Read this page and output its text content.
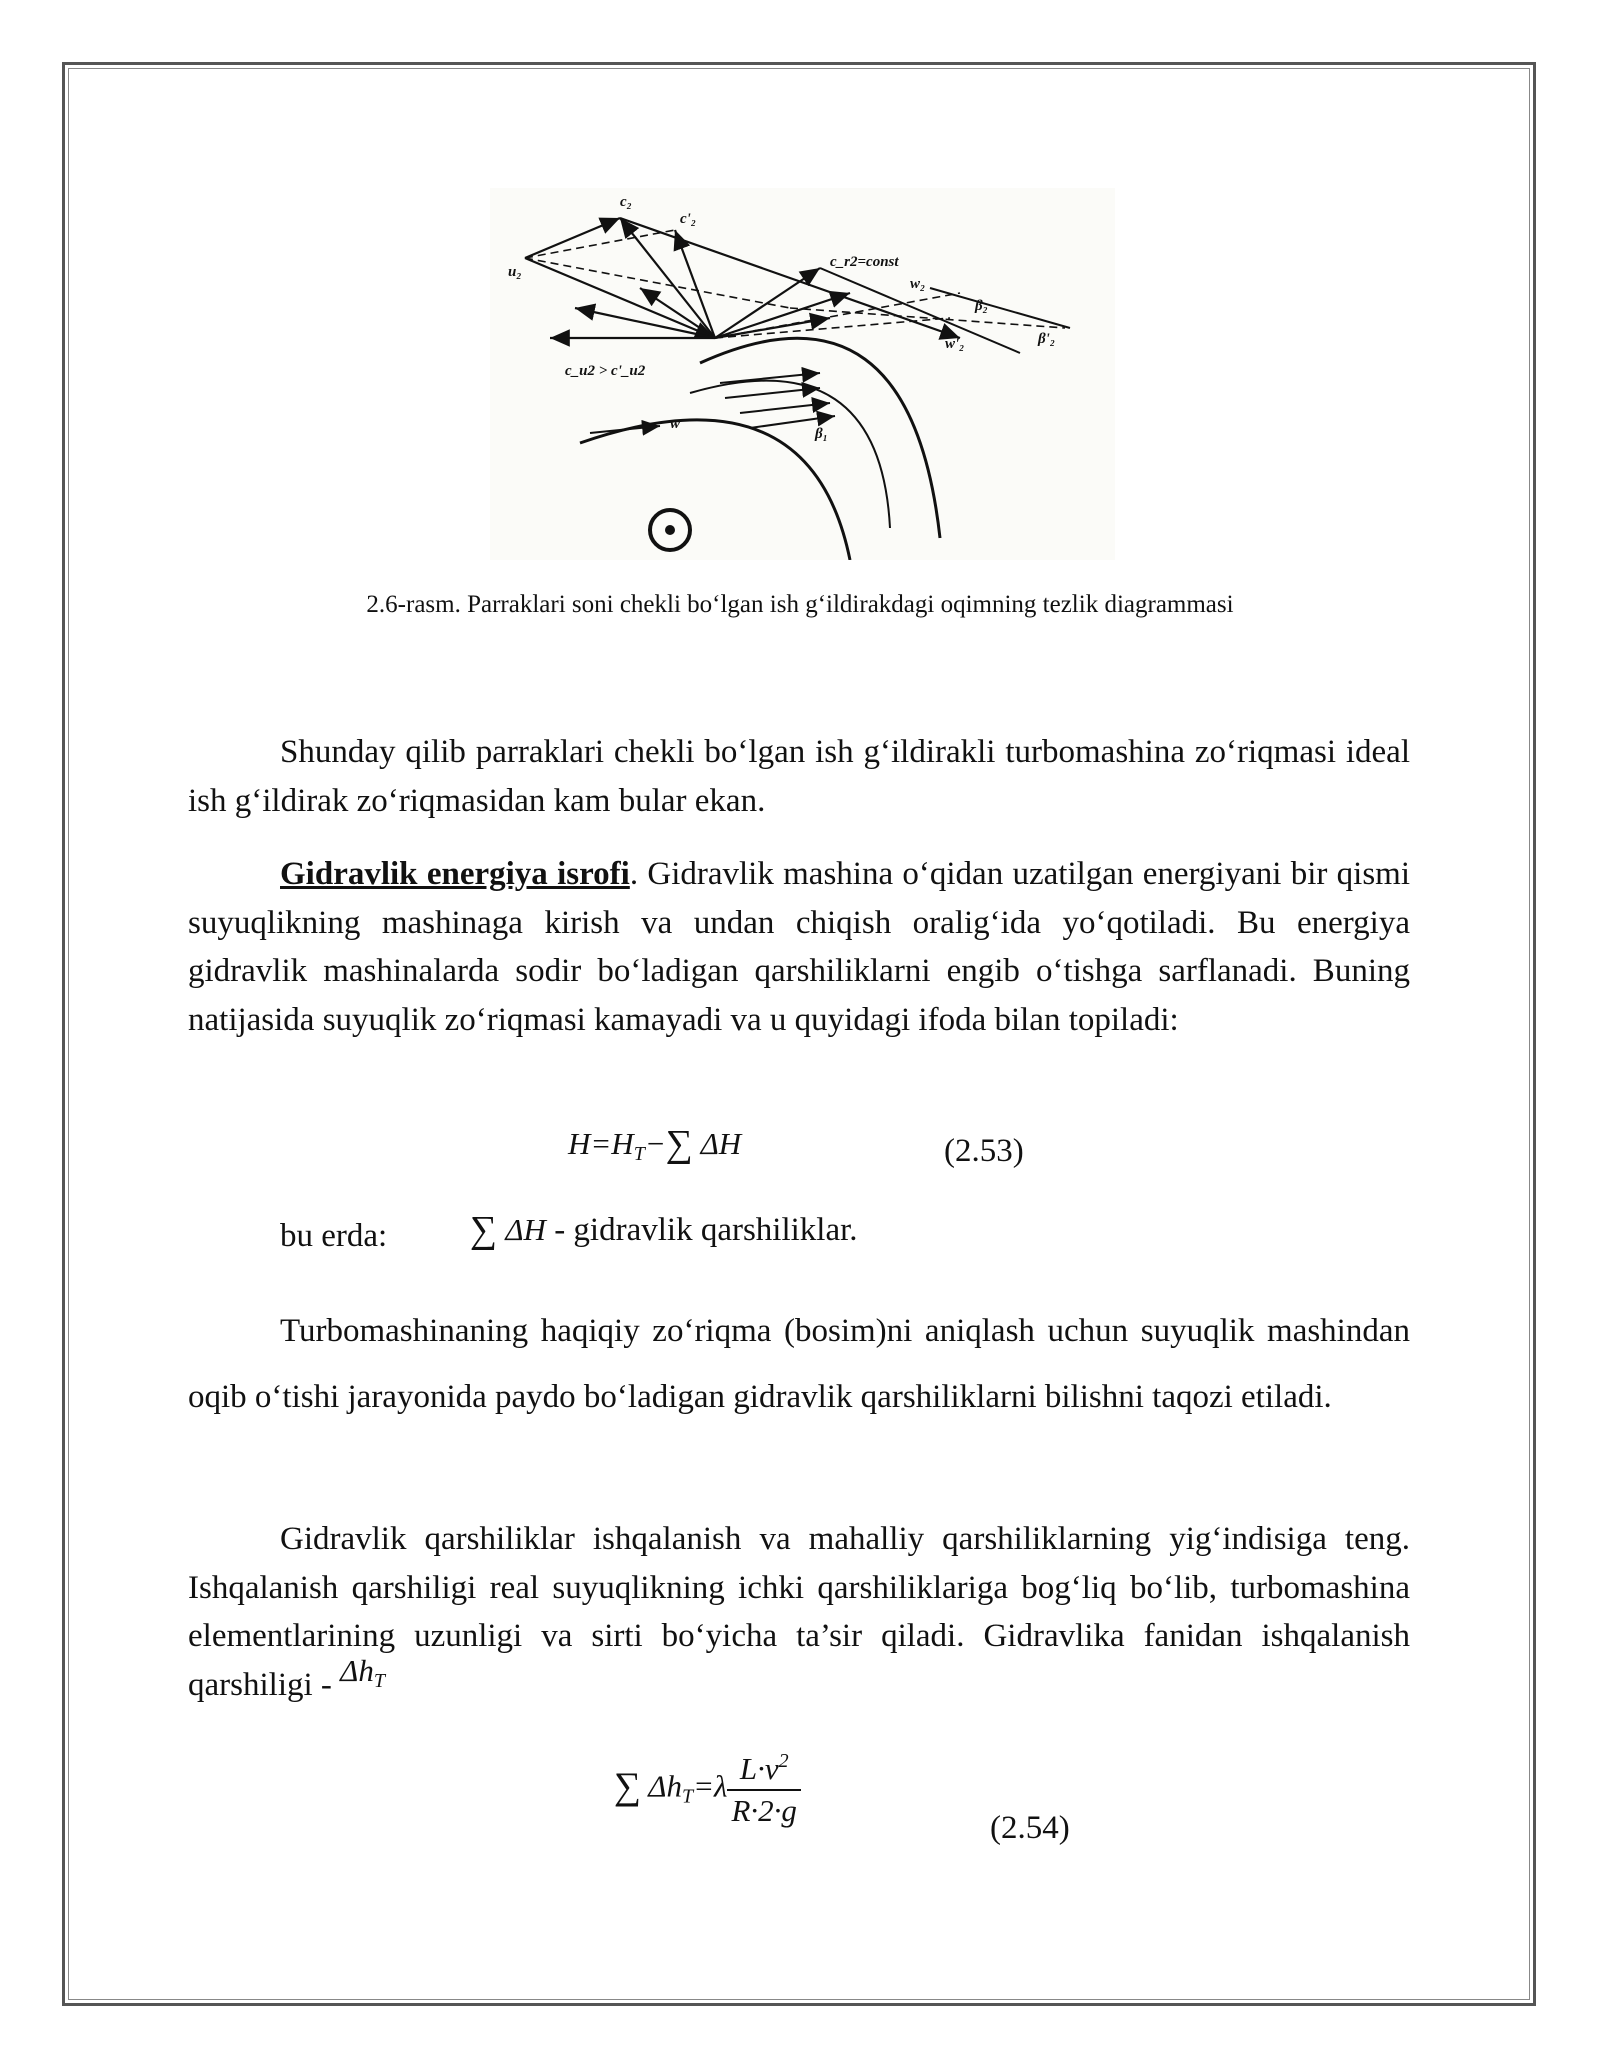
c₂
c'₂
u₂
c_r2=const
w₂
β₂
β'₂
w'₂
c_u2 > c'_u2
w
β₁
2.6-rasm. Parraklari soni chekli bo‘lgan ish g‘ildirakdagi oqimning tezlik diagrammasi

Shunday qilib parraklari chekli bo‘lgan ish g‘ildirakli turbomashina zo‘riqmasi ideal ish g‘ildirak zo‘riqmasidan kam bular ekan.

Gidravlik energiya isrofi. Gidravlik mashina o‘qidan uzatilgan energiyani bir qismi suyuqlikning mashinaga kirish va undan chiqish oralig‘ida yo‘qotiladi. Bu energiya gidravlik mashinalarda sodir bo‘ladigan qarshiliklarni engib o‘tishga sarflanadi. Buning natijasida suyuqlik zo‘riqmasi kamayadi va u quyidagi ifoda bilan topiladi:

$H=H_T-\sum$ ΔH	(2.53)
bu erda: ∑ ΔH - gidravlik qarshiliklar.

Turbomashinaning haqiqiy zo‘riqma (bosim)ni aniqlash uchun suyuqlik mashindan oqib o‘tishi jarayonida paydo bo‘ladigan gidravlik qarshiliklarni bilishni taqozi etiladi.

Gidravlik qarshiliklar ishqalanish va mahalliy qarshiliklarning yig‘indisiga teng. Ishqalanish qarshiligi real suyuqlikning ichki qarshiliklariga bog‘liq bo‘lib, turbomashina elementlarining uzunligi va sirti bo‘yicha ta’sir qiladi. Gidravlika fanidan ishqalanish qarshiligi - $\Delta h_T$

∑ $\Delta h_T=\lambda \frac{L\cdot v^2}{R\cdot 2\cdot g}$	(2.54)
